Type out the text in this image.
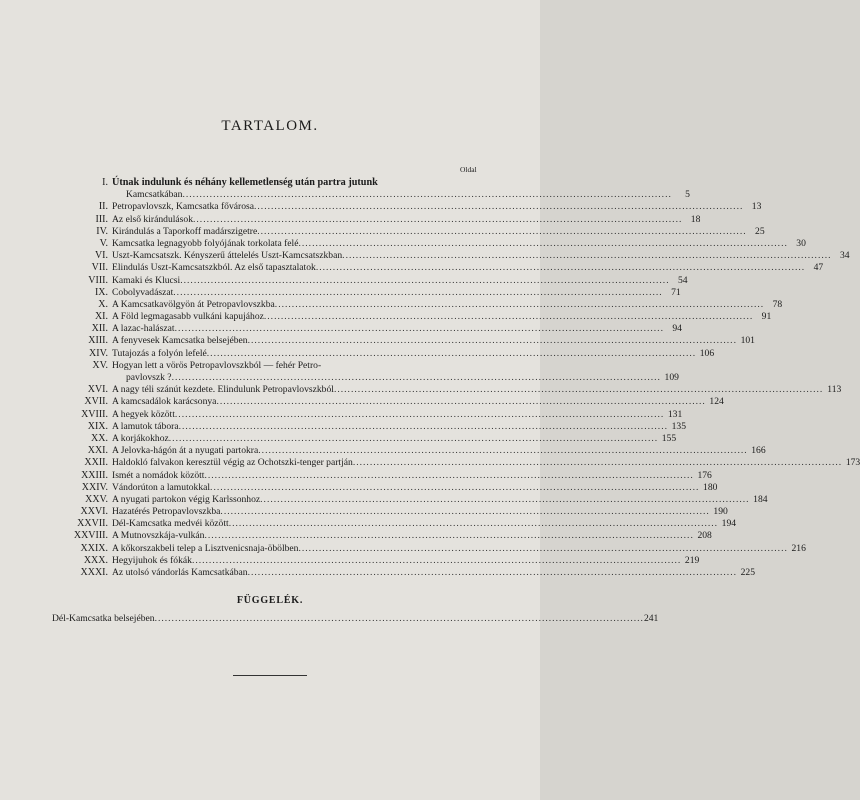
TARTALOM.
Oldal
I. Útnak indulunk és néhány kellemetlenség után partra jutunk
Kamcsatkában ................................................................................................................................................	5
II. Petropavlovszk, Kamcsatka fővárosa ................................................................................................................................................ 13
III. Az első kirándulások ................................................................................................................................................ 18
IV. Kirándulás a Taporkoff madárszigetre ................................................................................................................................................ 25
V. Kamcsatka legnagyobb folyójának torkolata felé ................................................................................................................................................ 30
VI. Uszt-Kamcsatszk. Kényszerű áttelelés Uszt-Kamcsatszkban ................................................................................................................................................ 34
VII. Elindulás Uszt-Kamcsatszkból. Az első tapasztalatok ................................................................................................................................................ 47
VIII. Kamaki és Klucsi ................................................................................................................................................ 54
IX. Cobolyvadászat ................................................................................................................................................ 71
X. A Kamcsatkavölgyön át Petropavlovszkba ................................................................................................................................................ 78
XI. A Föld legmagasabb vulkáni kapujához ................................................................................................................................................ 91
XII. A lazac-halászat ................................................................................................................................................ 94
XIII. A fenyvesek Kamcsatka belsejében ................................................................................................................................................ 101
XIV. Tutajozás a folyón lefelé ................................................................................................................................................ 106
XV. Hogyan lett a vörös Petropavlovszkból — fehér Petro-
pavlovszk ? ................................................................................................................................................ 109
XVI. A nagy téli szánút kezdete. Elindulunk Petropavlovszkból ................................................................................................................................................ 113
XVII. A kamcsadálok karácsonya ................................................................................................................................................ 124
XVIII. A hegyek között ................................................................................................................................................ 131
XIX. A lamutok tábora ................................................................................................................................................ 135
XX. A korjákokhoz ................................................................................................................................................ 155
XXI. A Jelovka-hágón át a nyugati partokra ................................................................................................................................................ 166
XXII. Haldokló falvakon keresztül végig az Ochotszki-tenger partján ................................................................................................................................................ 173
XXIII. Ismét a nomádok között ................................................................................................................................................ 176
XXIV. Vándorúton a lamutokkal ................................................................................................................................................ 180
XXV. A nyugati partokon végig Karlssonhoz ................................................................................................................................................ 184
XXVI. Hazatérés Petropavlovszkba ................................................................................................................................................ 190
XXVII. Dél-Kamcsatka medvéi között ................................................................................................................................................ 194
XXVIII. A Mutnovszkája-vulkán ................................................................................................................................................ 208
XXIX. A kőkorszakbeli telep a Lisztvenicsnaja-öbölben ................................................................................................................................................ 216
XXX. Hegyijuhok és fókák ................................................................................................................................................ 219
XXXI. Az utolsó vándorlás Kamcsatkában ................................................................................................................................................ 225
FÜGGELÉK.
Dél-Kamcsatka belsejében ................................................................................................................................................ 241
